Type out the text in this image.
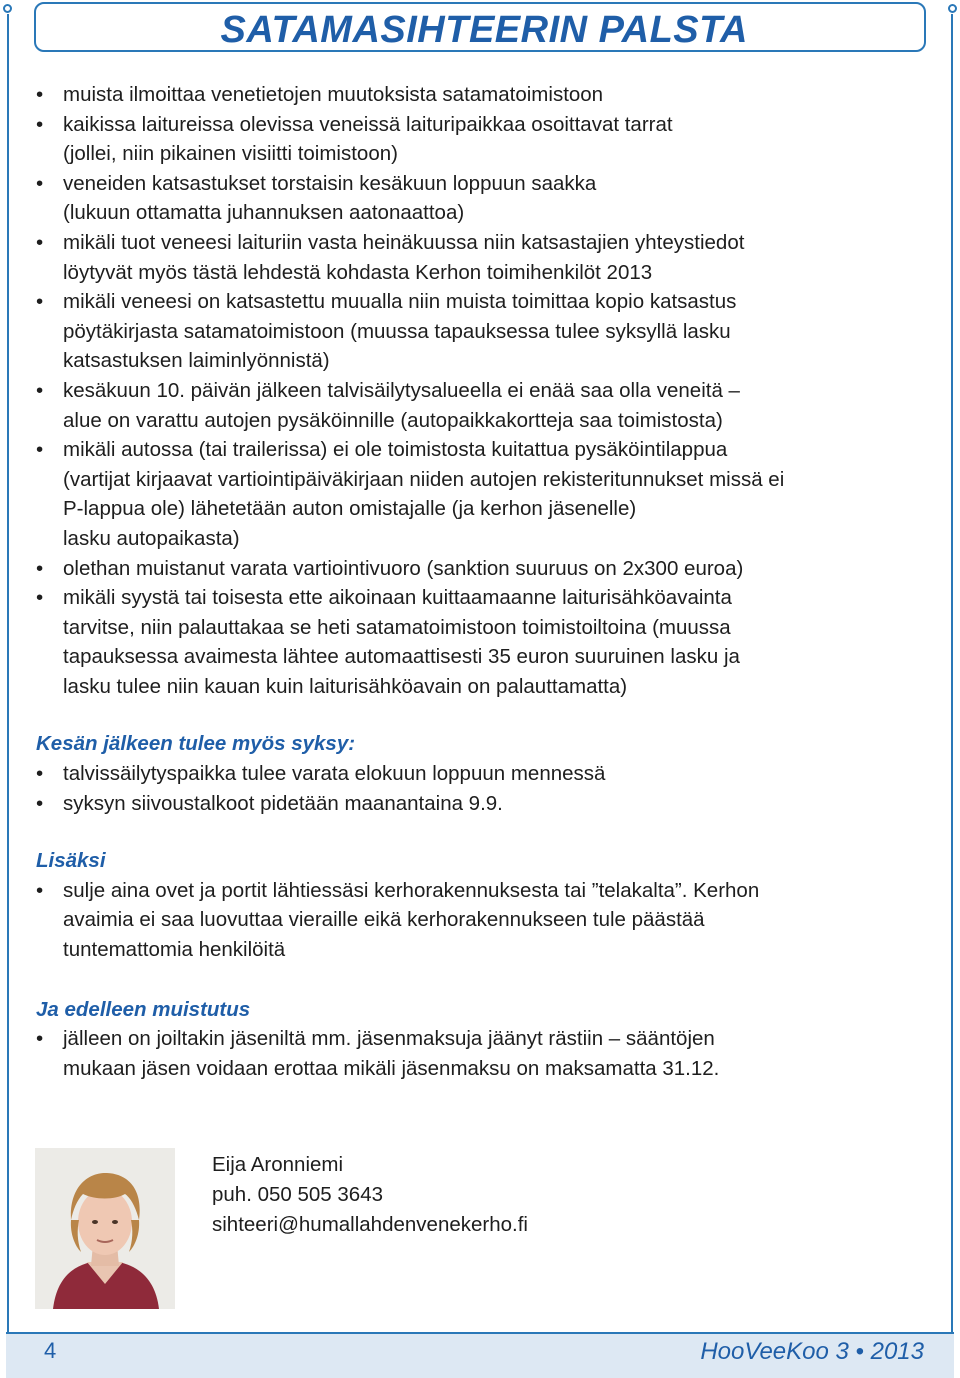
SATAMASIHTEERIN PALSTA
• muista ilmoittaa venetietojen muutoksista satamatoimistoon
• kaikissa laitureissa olevissa veneissä laituripaikkaa osoittavat tarrat
(jollei, niin pikainen visiitti toimistoon)
• veneiden katsastukset torstaisin kesäkuun loppuun saakka
(lukuun ottamatta juhannuksen aatonaattoa)
• mikäli tuot veneesi laituriin vasta heinäkuussa niin katsastajien yhteystiedot
löytyvät myös tästä lehdestä kohdasta Kerhon toimihenkilöt 2013
• mikäli veneesi on katsastettu muualla niin muista toimittaa kopio katsastus
pöytäkirjasta satamatoimistoon (muussa tapauksessa tulee syksyllä lasku
katsastuksen laiminlyönnistä)
• kesäkuun 10. päivän jälkeen talvisäilytysalueella ei enää saa olla veneitä –
alue on varattu autojen pysäköinnille (autopaikkakortteja saa toimistosta)
• mikäli autossa (tai trailerissa) ei ole toimistosta kuitattua pysäköintilappua
(vartijat kirjaavat vartiointipäiväkirjaan niiden autojen rekisteritunnukset missä ei
P-lappua ole) lähetetään auton omistajalle (ja kerhon jäsenelle)
lasku autopaikasta)
• olethan muistanut varata vartiointivuoro (sanktion suuruus on 2x300 euroa)
• mikäli syystä tai toisesta ette aikoinaan kuittaamaanne laiturisähköavainta
tarvitse, niin palauttakaa se heti satamatoimistoon toimistoiltoina (muussa
tapauksessa avaimesta lähtee automaattisesti 35 euron suuruinen lasku ja
lasku tulee niin kauan kuin laiturisähköavain on palauttamatta)
Kesän jälkeen tulee myös syksy:
• talvissäilytyspaikka tulee varata elokuun loppuun mennessä
• syksyn siivoustalkoot pidetään maanantaina 9.9.
Lisäksi
• sulje aina ovet ja portit lähtiessäsi kerhorakennuksesta tai ”telakalta”. Kerhon
avaimia ei saa luovuttaa vieraille eikä kerhorakennukseen tule päästää
tuntemattomia henkilöitä
Ja edelleen muistutus
• jälleen on joiltakin jäseniltä mm. jäsenmaksuja jäänyt rästiin – sääntöjen
mukaan jäsen voidaan erottaa mikäli jäsenmaksu on maksamatta 31.12.
Eija Aronniemi
puh. 050 505 3643
sihteeri@humallahdenvenekerho.fi
4	HooVeeKoo 3 • 2013
